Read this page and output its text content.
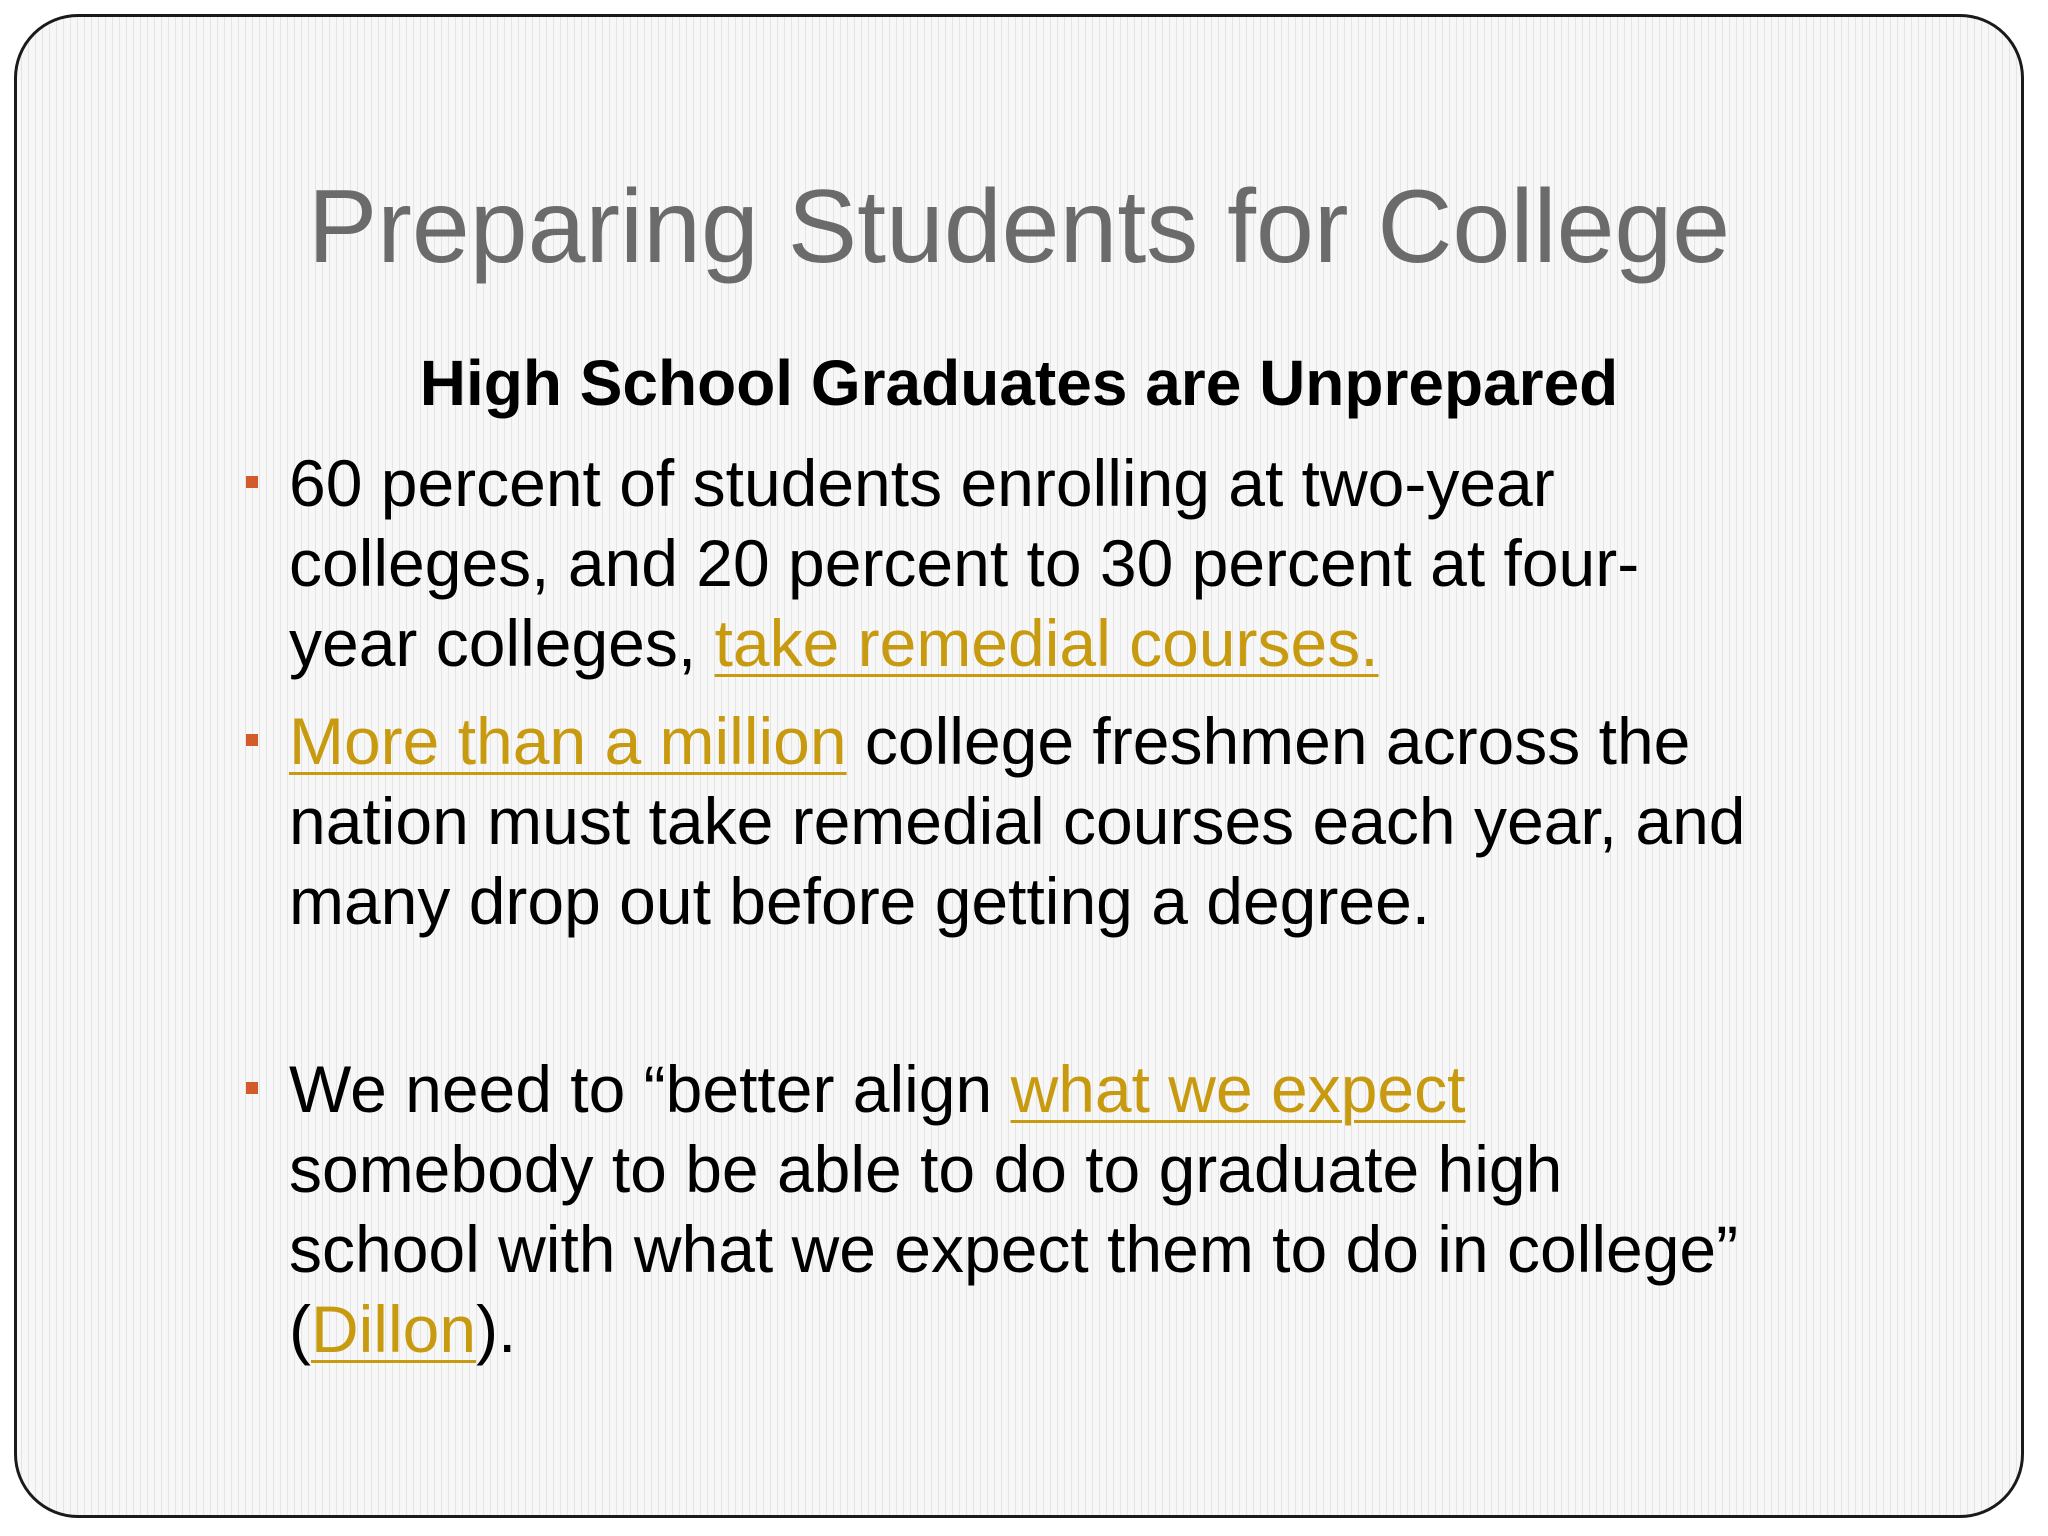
Preparing Students for College
High School Graduates are Unprepared
60 percent of students enrolling at two-year
colleges, and 20 percent to 30 percent at four-
year colleges, take remedial courses.
More than a million college freshmen across the
nation must take remedial courses each year, and
many drop out before getting a degree.
We need to “better align what we expect
somebody to be able to do to graduate high
school with what we expect them to do in college”
(Dillon).
